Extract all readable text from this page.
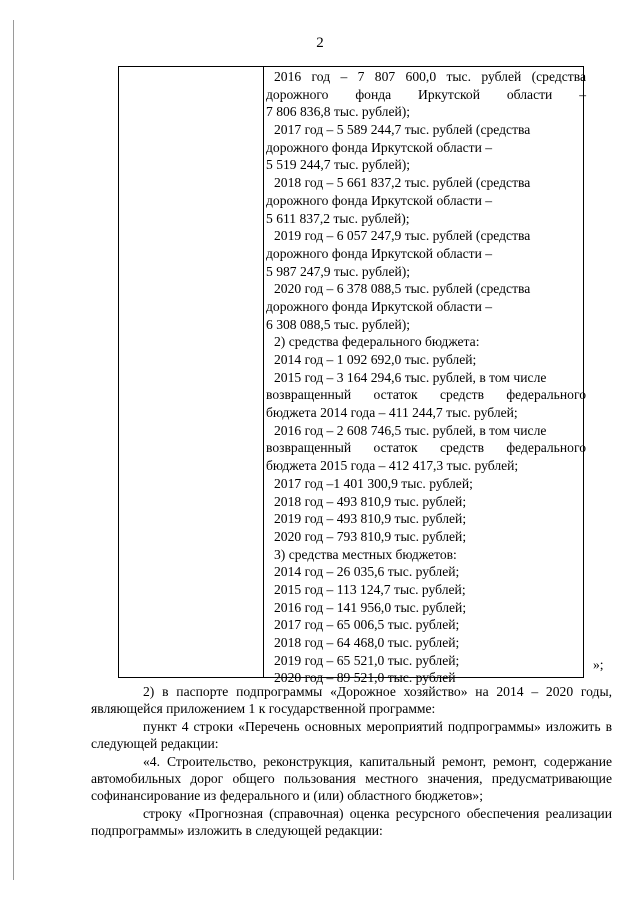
2
2016 год – 7 807 600,0 тыс. рублей (средства
дорожного фонда Иркутской области –
7 806 836,8 тыс. рублей);
2017 год – 5 589 244,7 тыс. рублей (средства
дорожного фонда Иркутской области –
5 519 244,7 тыс. рублей);
2018 год – 5 661 837,2 тыс. рублей (средства
дорожного фонда Иркутской области –
5 611 837,2 тыс. рублей);
2019 год – 6 057 247,9 тыс. рублей (средства
дорожного фонда Иркутской области –
5 987 247,9 тыс. рублей);
2020 год – 6 378 088,5 тыс. рублей (средства
дорожного фонда Иркутской области –
6 308 088,5 тыс. рублей);
2) средства федерального бюджета:
2014 год – 1 092 692,0 тыс. рублей;
2015 год – 3 164 294,6 тыс. рублей, в том числе
возвращенный остаток средств федерального
бюджета 2014 года – 411 244,7 тыс. рублей;
2016 год – 2 608 746,5 тыс. рублей, в том числе
возвращенный остаток средств федерального
бюджета 2015 года – 412 417,3 тыс. рублей;
2017 год –1 401 300,9 тыс. рублей;
2018 год – 493 810,9 тыс. рублей;
2019 год – 493 810,9 тыс. рублей;
2020 год – 793 810,9 тыс. рублей;
3) средства местных бюджетов:
2014 год – 26 035,6 тыс. рублей;
2015 год – 113 124,7 тыс. рублей;
2016 год – 141 956,0 тыс. рублей;
2017 год – 65 006,5 тыс. рублей;
2018 год – 64 468,0 тыс. рублей;
2019 год – 65 521,0 тыс. рублей;
2020 год – 89 521,0 тыс. рублей
»;

2) в паспорте подпрограммы «Дорожное хозяйство» на 2014 – 2020 годы, являющейся приложением 1 к государственной программе:

пункт 4 строки «Перечень основных мероприятий подпрограммы» изложить в следующей редакции:

«4. Строительство, реконструкция, капитальный ремонт, ремонт, содержание автомобильных дорог общего пользования местного значения, предусматривающие софинансирование из федерального и (или) областного бюджетов»;

строку «Прогнозная (справочная) оценка ресурсного обеспечения реализации подпрограммы» изложить в следующей редакции:
